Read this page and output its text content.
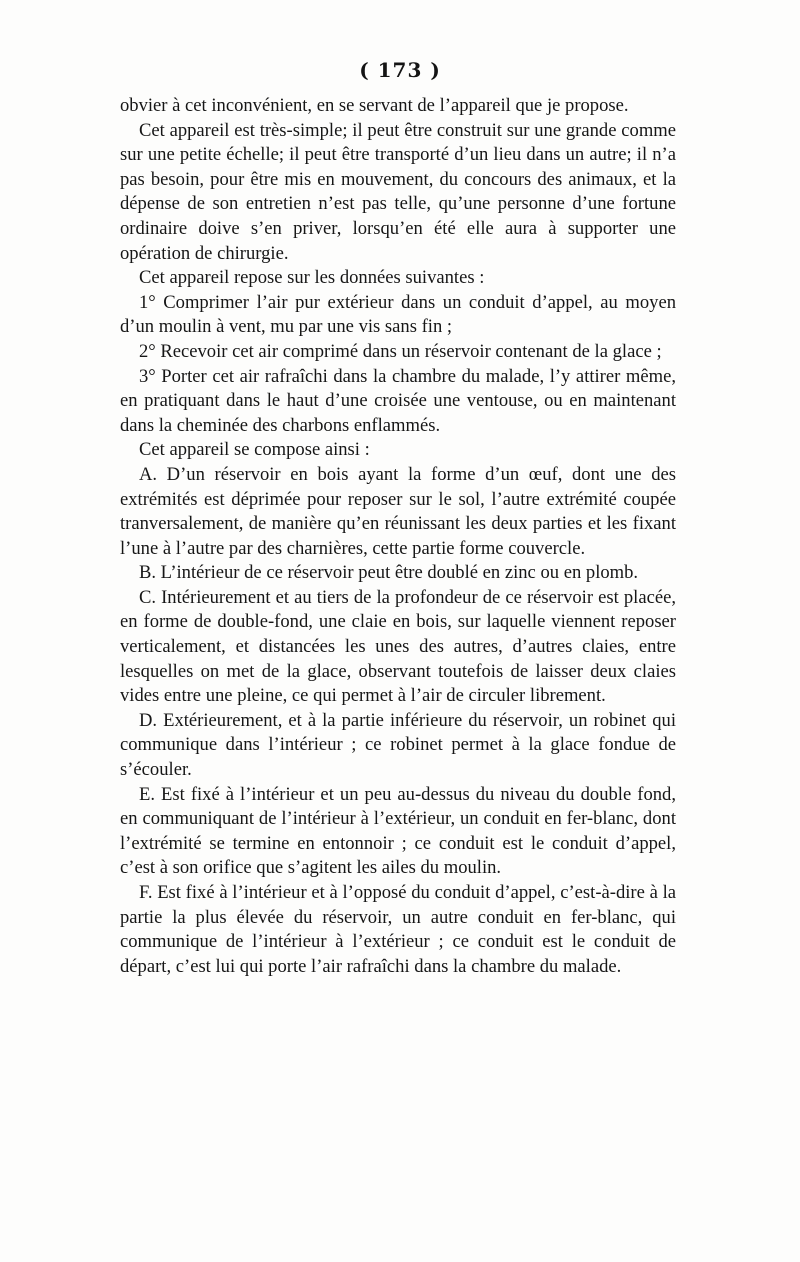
( 173 )

obvier à cet inconvénient, en se servant de l’appareil que je propose.

Cet appareil est très-simple; il peut être construit sur une grande comme sur une petite échelle; il peut être transporté d’un lieu dans un autre; il n’a pas besoin, pour être mis en mouvement, du concours des animaux, et la dépense de son entretien n’est pas telle, qu’une personne d’une fortune ordinaire doive s’en priver, lorsqu’en été elle aura à supporter une opération de chirurgie.

Cet appareil repose sur les données suivantes :

1° Comprimer l’air pur extérieur dans un conduit d’appel, au moyen d’un moulin à vent, mu par une vis sans fin ;

2° Recevoir cet air comprimé dans un réservoir contenant de la glace ;

3° Porter cet air rafraîchi dans la chambre du malade, l’y attirer même, en pratiquant dans le haut d’une croisée une ventouse, ou en maintenant dans la cheminée des charbons enflammés.

Cet appareil se compose ainsi :

A. D’un réservoir en bois ayant la forme d’un œuf, dont une des extrémités est déprimée pour reposer sur le sol, l’autre extrémité coupée tranversalement, de manière qu’en réunissant les deux parties et les fixant l’une à l’autre par des charnières, cette partie forme couvercle.

B. L’intérieur de ce réservoir peut être doublé en zinc ou en plomb.

C. Intérieurement et au tiers de la profondeur de ce réservoir est placée, en forme de double-fond, une claie en bois, sur laquelle viennent reposer verticalement, et distancées les unes des autres, d’autres claies, entre lesquelles on met de la glace, observant toutefois de laisser deux claies vides entre une pleine, ce qui permet à l’air de circuler librement.

D. Extérieurement, et à la partie inférieure du réservoir, un robinet qui communique dans l’intérieur ; ce robinet permet à la glace fondue de s’écouler.

E. Est fixé à l’intérieur et un peu au-dessus du niveau du double fond, en communiquant de l’intérieur à l’extérieur, un conduit en fer-blanc, dont l’extrémité se termine en entonnoir ; ce conduit est le conduit d’appel, c’est à son orifice que s’agitent les ailes du moulin.

F. Est fixé à l’intérieur et à l’opposé du conduit d’appel, c’est-à-dire à la partie la plus élevée du réservoir, un autre conduit en fer-blanc, qui communique de l’intérieur à l’extérieur ; ce conduit est le conduit de départ, c’est lui qui porte l’air rafraîchi dans la chambre du malade.
